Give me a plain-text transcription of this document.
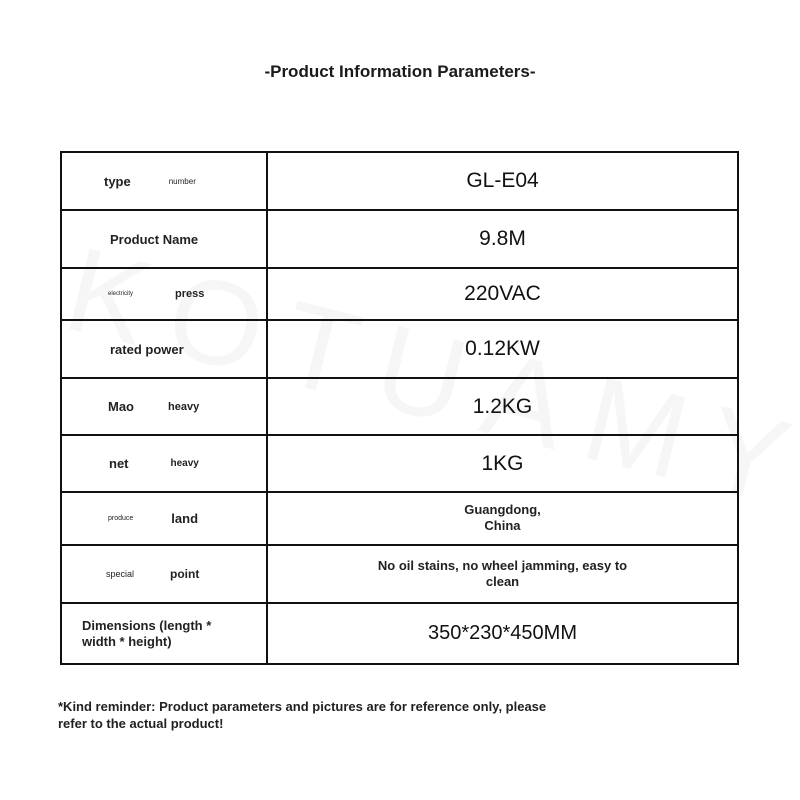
-Product Information Parameters-
type number	GL-E04

Product Name	9.8M

electricity press	220VAC

rated power	0.12KW

Mao heavy	1.2KG

net heavy	1KG

produce land	Guangdong,
China

special point	No oil stains, no wheel jamming, easy to clean

Dimensions (length * width * height)	350*230*450MM
*Kind reminder: Product parameters and pictures are for reference only, please refer to the actual product!
